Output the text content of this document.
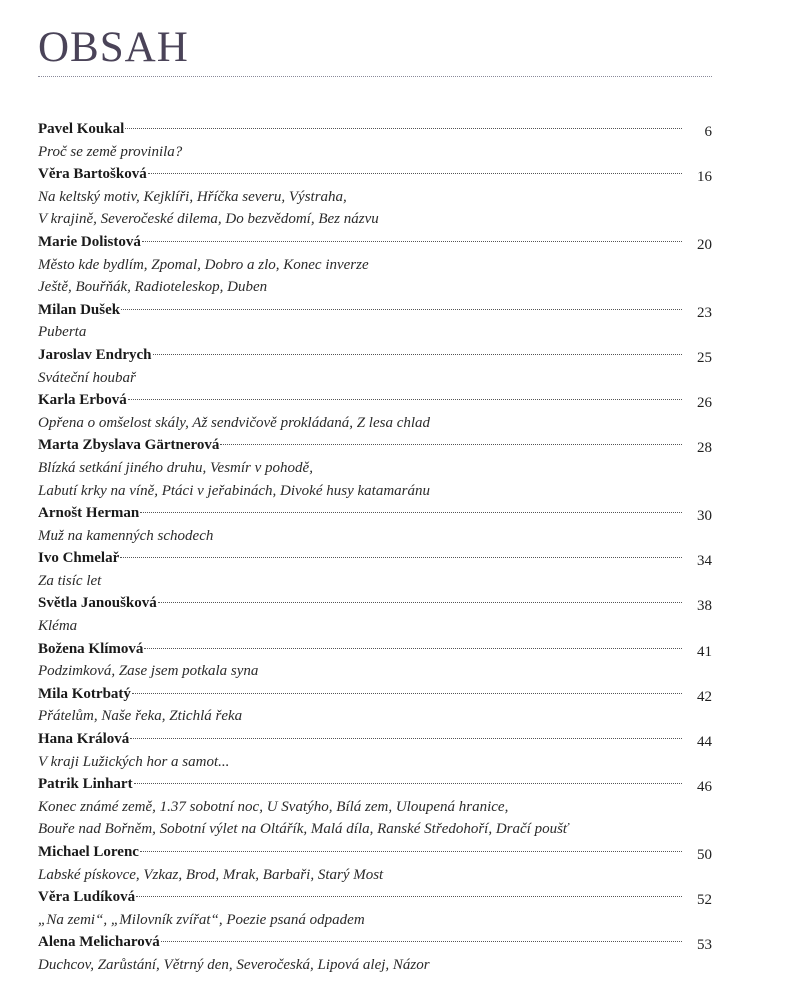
OBSAH
Pavel Koukal	6
Proč se země provinila?
Věra Bartošková	16
Na keltský motiv, Kejklíři, Hříčka severu, Výstraha,
V krajině, Severočeské dilema, Do bezvědomí, Bez názvu
Marie Dolistová	20
Město kde bydlím, Zpomal, Dobro a zlo, Konec inverze
Ještě, Bouřňák, Radioteleskop, Duben
Milan Dušek	23
Puberta
Jaroslav Endrych	25
Sváteční houbař
Karla Erbová	26
Opřena o omšelost skály, Až sendvičově prokládaná, Z lesa chlad
Marta Zbyslava Gärtnerová	28
Blízká setkání jiného druhu, Vesmír v pohodě,
Labutí krky na víně, Ptáci v jeřabinách, Divoké husy katamaránu
Arnošt Herman	30
Muž na kamenných schodech
Ivo Chmelař	34
Za tisíc let
Světla Janoušková	38
Kléma
Božena Klímová	41
Podzimková, Zase jsem potkala syna
Mila Kotrbatý	42
Přátelům, Naše řeka, Ztichlá řeka
Hana Králová	44
V kraji Lužických hor a samot...
Patrik Linhart	46
Konec známé země, 1.37 sobotní noc, U Svatýho, Bílá zem, Uloupená hranice,
Bouře nad Bořněm, Sobotní výlet na Oltářík, Malá díla, Ranské Středohoří, Dračí poušť
Michael Lorenc	50
Labské pískovce, Vzkaz, Brod, Mrak, Barbaři, Starý Most
Věra Ludíková	52
„Na zemi“, „Milovník zvířat“, Poezie psaná odpadem
Alena Melicharová	53
Duchcov, Zarůstání, Větrný den, Severočeská, Lipová alej, Názor
